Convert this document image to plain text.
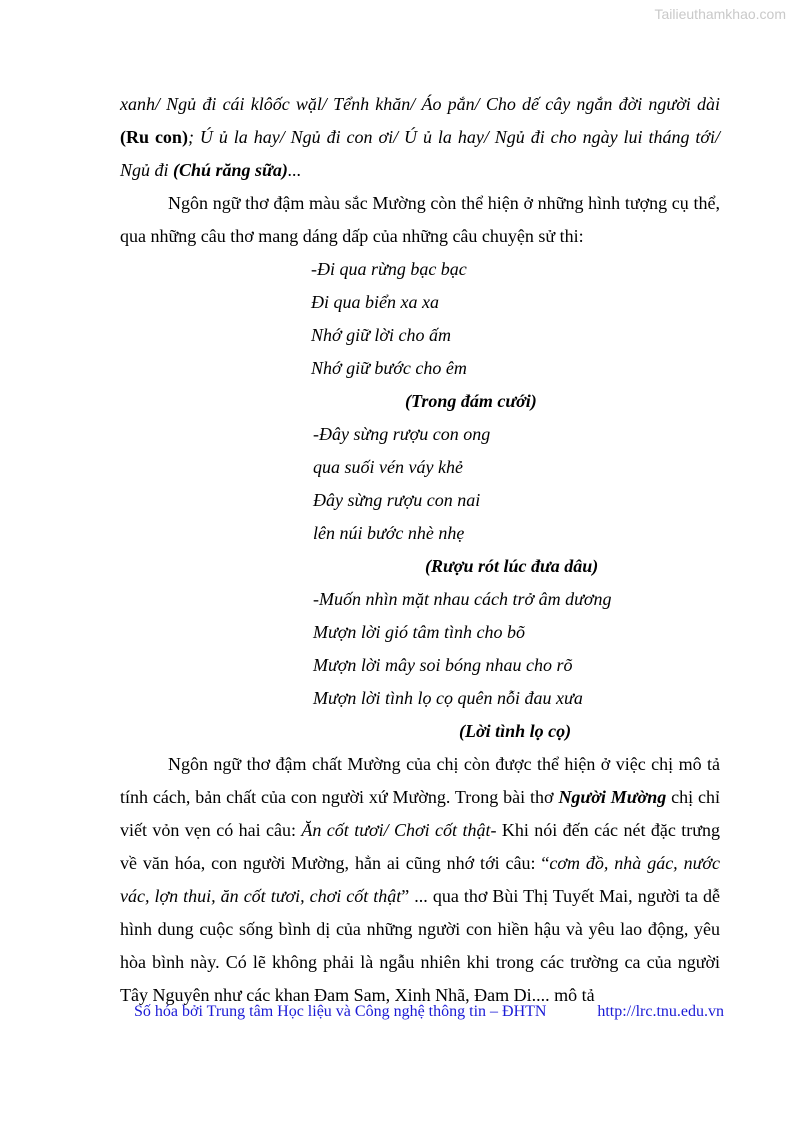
Tailieuthamkhao.com

xanh/ Ngủ đi cái klôốc wặl/ Tểnh khăn/ Áo pắn/ Cho dế cây ngắn đời người dài (Ru con); Ú ủ la hay/ Ngủ đi con ơi/ Ú ủ la hay/ Ngủ đi cho ngày lui tháng tới/ Ngủ đi (Chú răng sữa)...

Ngôn ngữ thơ đậm màu sắc Mường còn thể hiện ở những hình tượng cụ thể, qua những câu thơ mang dáng dấp của những câu chuyện sử thi:

-Đi qua rừng bạc bạc
Đi qua biển xa xa
Nhớ giữ lời cho ấm
Nhớ giữ bước cho êm
(Trong đám cưới)
-Đây sừng rượu con ong
qua suối vén váy khẻ
Đây sừng rượu con nai
lên núi bước nhè nhẹ
(Rượu rót lúc đưa dâu)
-Muốn nhìn mặt nhau cách trở âm dương
Mượn lời gió tâm tình cho bõ
Mượn lời mây soi bóng nhau cho rõ
Mượn lời tình lọ cọ quên nỗi đau xưa
(Lời tình lọ cọ)

Ngôn ngữ thơ đậm chất Mường của chị còn được thể hiện ở việc chị mô tả tính cách, bản chất của con người xứ Mường. Trong bài thơ Người Mường chị chỉ viết vỏn vẹn có hai câu: Ăn cốt tươi/ Chơi cốt thật- Khi nói đến các nét đặc trưng về văn hóa, con người Mường, hẳn ai cũng nhớ tới câu: “cơm đồ, nhà gác, nước vác, lợn thui, ăn cốt tươi, chơi cốt thật” ... qua thơ Bùi Thị Tuyết Mai, người ta dễ hình dung cuộc sống bình dị của những người con hiền hậu và yêu lao động, yêu hòa bình này. Có lẽ không phải là ngẫu nhiên khi trong các trường ca của người Tây Nguyên như các khan Đam Sam, Xinh Nhã, Đam Di.... mô tả

Số hóa bởi Trung tâm Học liệu và Công nghệ thông tin – ĐHTN	http://lrc.tnu.edu.vn
